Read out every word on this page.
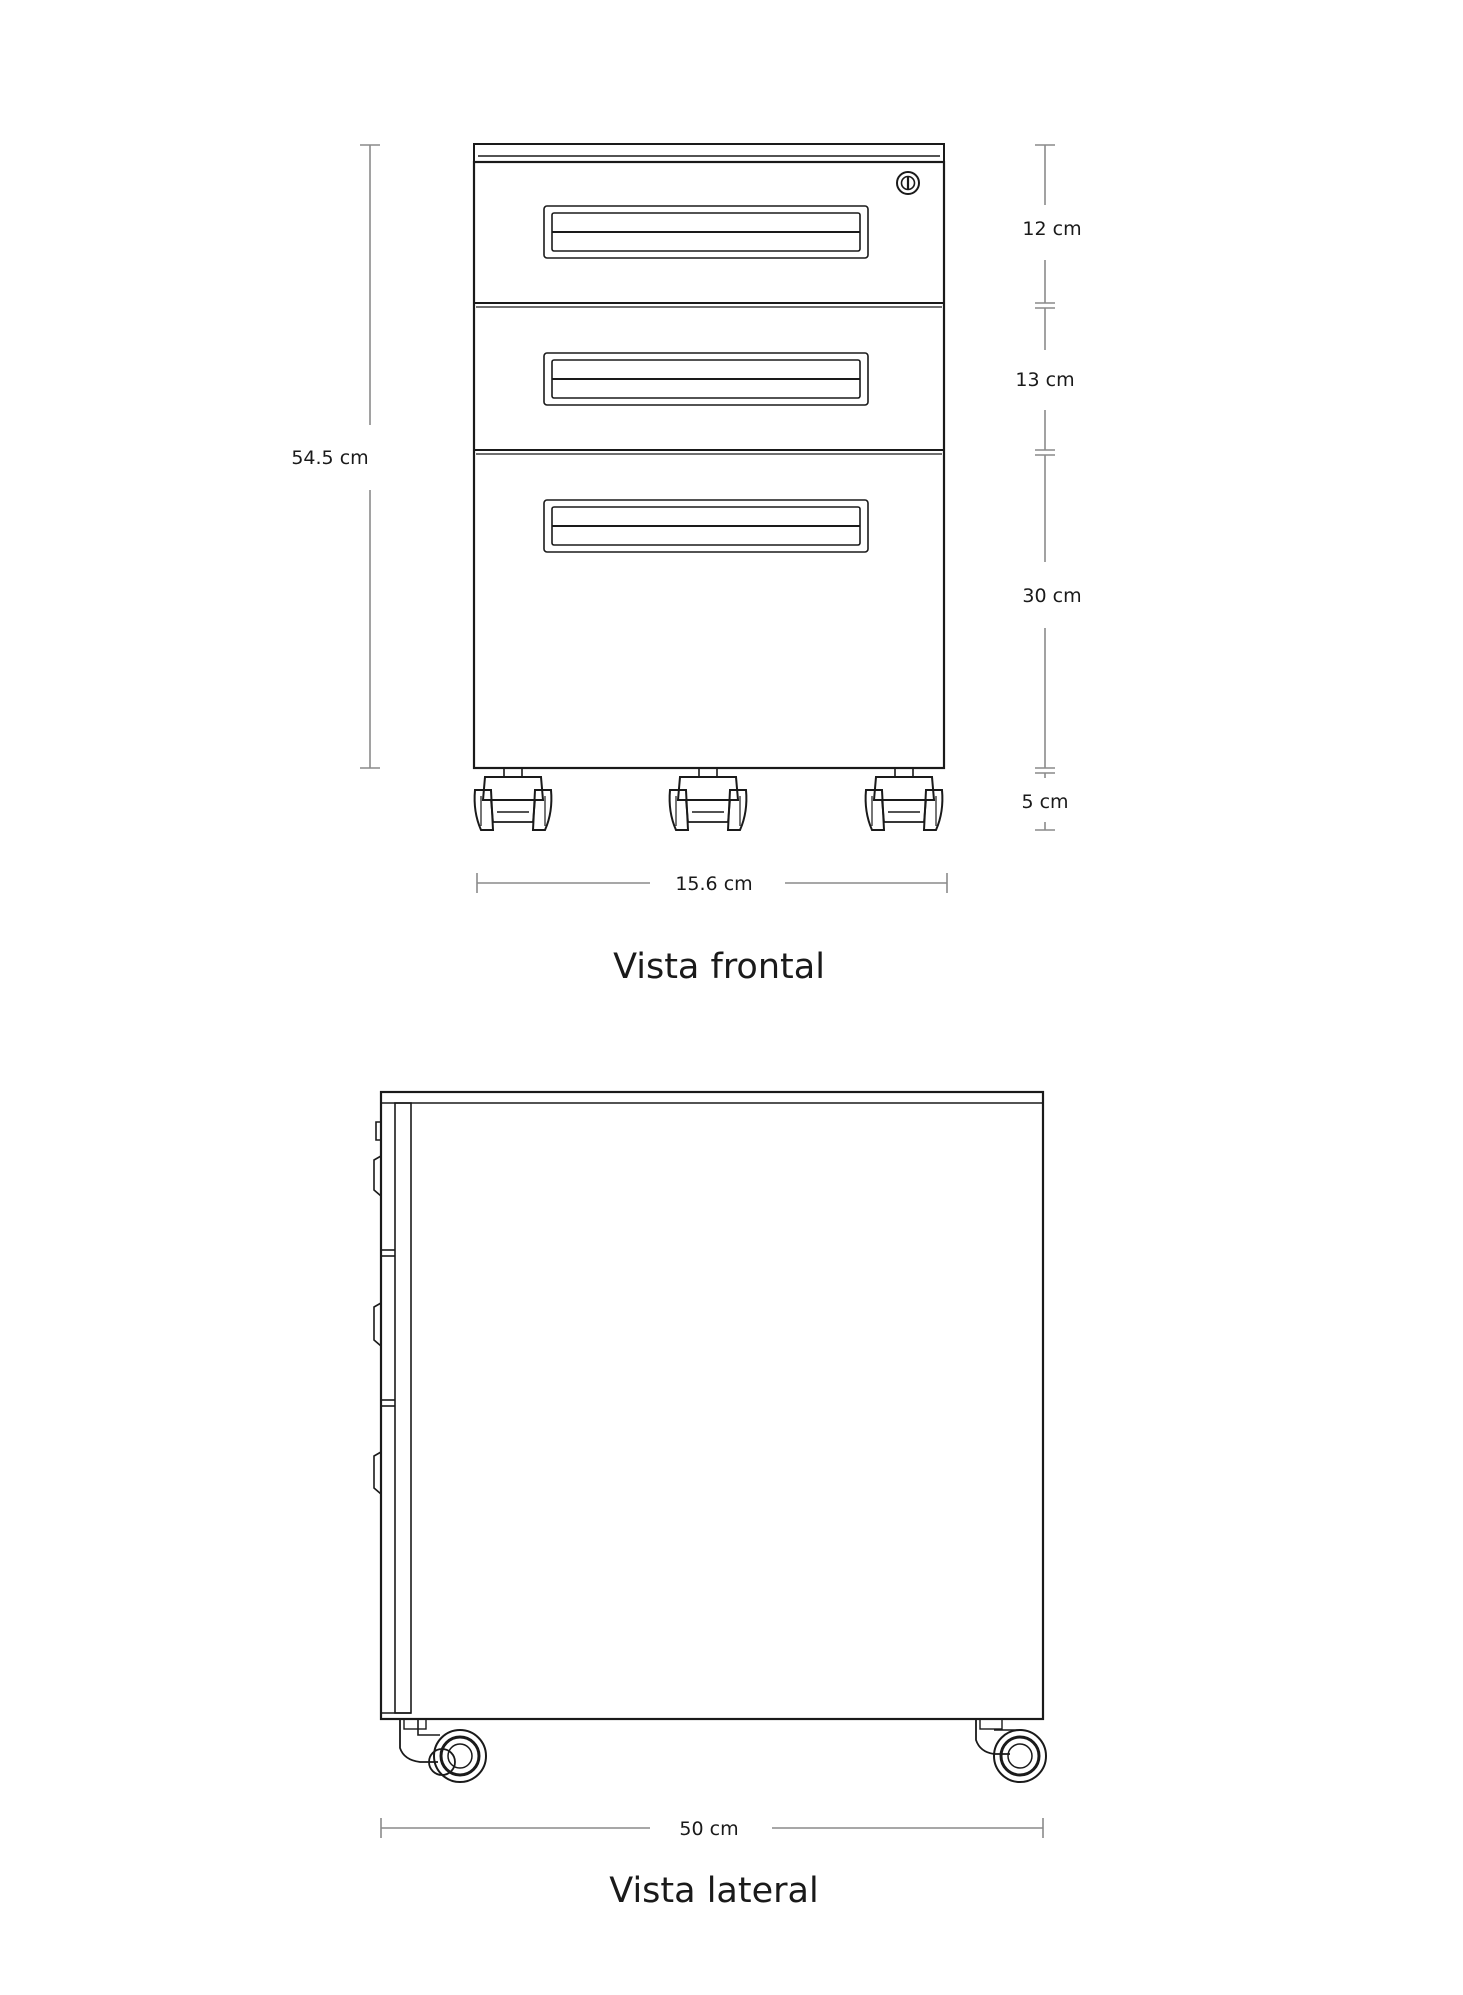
54.5 cm
12 cm
13 cm
30 cm
5 cm
15.6 cm
Vista frontal
50 cm
Vista lateral
